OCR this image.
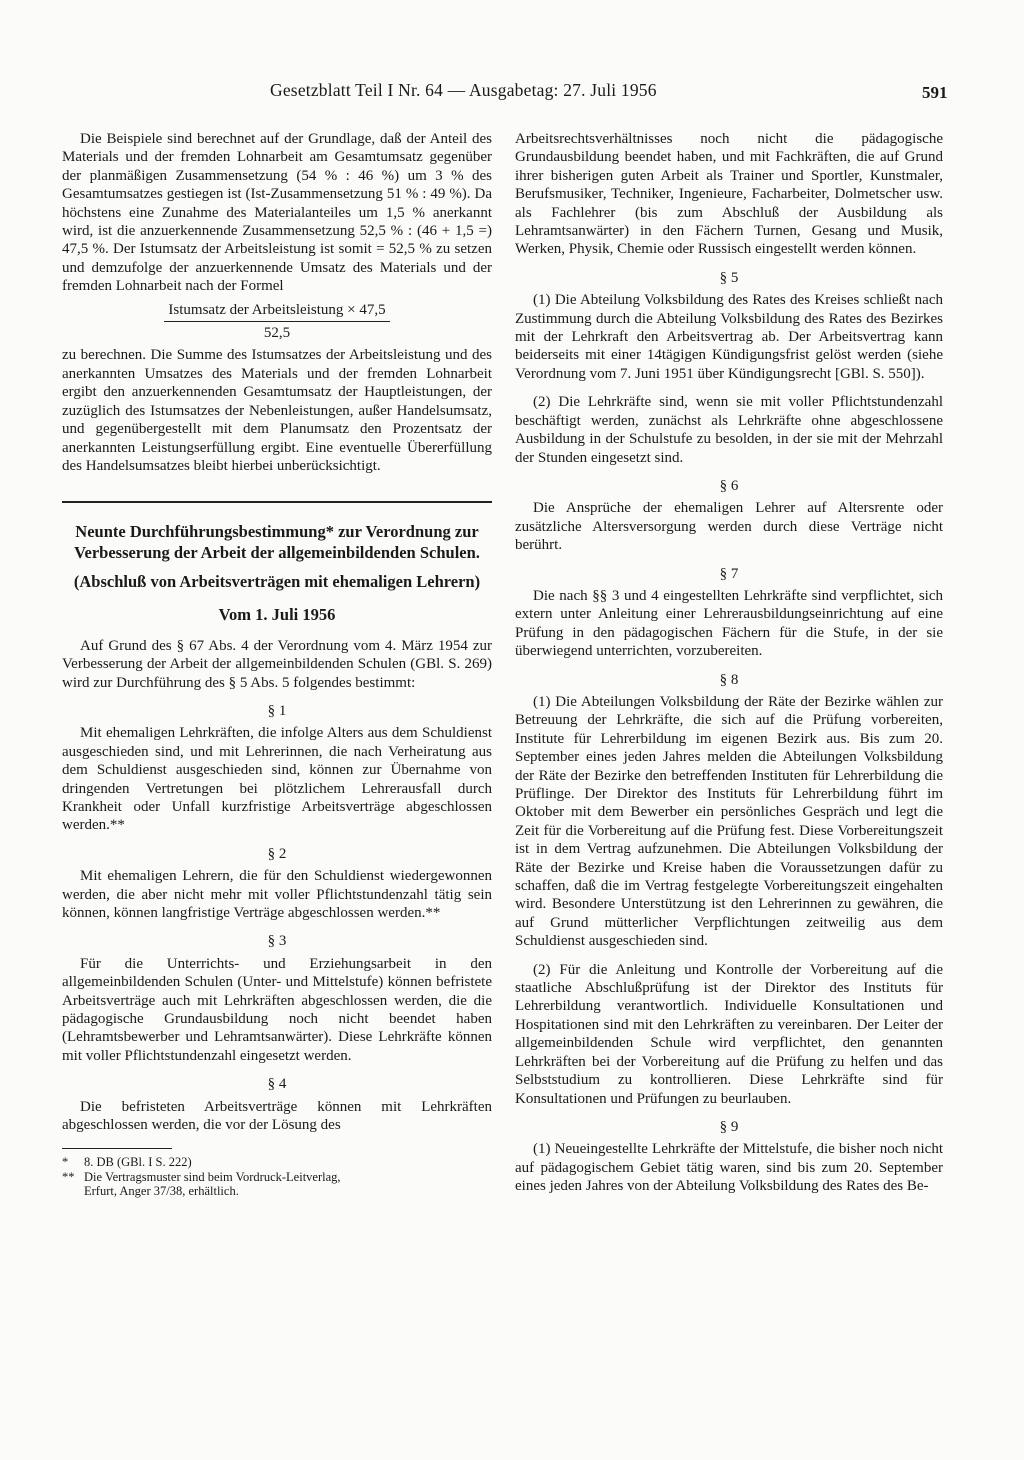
Gesetzblatt Teil I Nr. 64 — Ausgabetag: 27. Juli 1956	591

Die Beispiele sind berechnet auf der Grundlage, daß der Anteil des Materials und der fremden Lohnarbeit am Gesamtumsatz gegenüber der planmäßigen Zusammensetzung (54 % : 46 %) um 3 % des Gesamtumsatzes gestiegen ist (Ist-Zusammensetzung 51 % : 49 %). Da höchstens eine Zunahme des Materialanteiles um 1,5 % anerkannt wird, ist die anzuerkennende Zusammensetzung 52,5 % : (46 + 1,5 =) 47,5 %. Der Istumsatz der Arbeitsleistung ist somit = 52,5 % zu setzen und demzufolge der anzuerkennende Umsatz des Materials und der fremden Lohnarbeit nach der Formel

Istumsatz der Arbeitsleistung × 47,5
52,5

zu berechnen. Die Summe des Istumsatzes der Arbeitsleistung und des anerkannten Umsatzes des Materials und der fremden Lohnarbeit ergibt den anzuerkennenden Gesamtumsatz der Hauptleistungen, der zuzüglich des Istumsatzes der Nebenleistungen, außer Handelsumsatz, und gegenübergestellt mit dem Planumsatz den Prozentsatz der anerkannten Leistungserfüllung ergibt. Eine eventuelle Übererfüllung des Handelsumsatzes bleibt hierbei unberücksichtigt.

Neunte Durchführungsbestimmung* zur Verordnung zur Verbesserung der Arbeit der allgemeinbildenden Schulen.

(Abschluß von Arbeitsverträgen mit ehemaligen Lehrern)

Vom 1. Juli 1956

Auf Grund des § 67 Abs. 4 der Verordnung vom 4. März 1954 zur Verbesserung der Arbeit der allgemeinbildenden Schulen (GBl. S. 269) wird zur Durchführung des § 5 Abs. 5 folgendes bestimmt:

§ 1

Mit ehemaligen Lehrkräften, die infolge Alters aus dem Schuldienst ausgeschieden sind, und mit Lehrerinnen, die nach Verheiratung aus dem Schuldienst ausgeschieden sind, können zur Übernahme von dringenden Vertretungen bei plötzlichem Lehrerausfall durch Krankheit oder Unfall kurzfristige Arbeitsverträge abgeschlossen werden.**

§ 2

Mit ehemaligen Lehrern, die für den Schuldienst wiedergewonnen werden, die aber nicht mehr mit voller Pflichtstundenzahl tätig sein können, können langfristige Verträge abgeschlossen werden.**

§ 3

Für die Unterrichts- und Erziehungsarbeit in den allgemeinbildenden Schulen (Unter- und Mittelstufe) können befristete Arbeitsverträge auch mit Lehrkräften abgeschlossen werden, die die pädagogische Grundausbildung noch nicht beendet haben (Lehramtsbewerber und Lehramtsanwärter). Diese Lehrkräfte können mit voller Pflichtstundenzahl eingesetzt werden.

§ 4

Die befristeten Arbeitsverträge können mit Lehrkräften abgeschlossen werden, die vor der Lösung des

* 8. DB (GBl. I S. 222)
** Die Vertragsmuster sind beim Vordruck-Leitverlag,
Erfurt, Anger 37/38, erhältlich.

Arbeitsrechtsverhältnisses noch nicht die pädagogische Grundausbildung beendet haben, und mit Fachkräften, die auf Grund ihrer bisherigen guten Arbeit als Trainer und Sportler, Kunstmaler, Berufsmusiker, Techniker, Ingenieure, Facharbeiter, Dolmetscher usw. als Fachlehrer (bis zum Abschluß der Ausbildung als Lehramtsanwärter) in den Fächern Turnen, Gesang und Musik, Werken, Physik, Chemie oder Russisch eingestellt werden können.

§ 5

(1) Die Abteilung Volksbildung des Rates des Kreises schließt nach Zustimmung durch die Abteilung Volksbildung des Rates des Bezirkes mit der Lehrkraft den Arbeitsvertrag ab. Der Arbeitsvertrag kann beiderseits mit einer 14tägigen Kündigungsfrist gelöst werden (siehe Verordnung vom 7. Juni 1951 über Kündigungsrecht [GBl. S. 550]).

(2) Die Lehrkräfte sind, wenn sie mit voller Pflichtstundenzahl beschäftigt werden, zunächst als Lehrkräfte ohne abgeschlossene Ausbildung in der Schulstufe zu besolden, in der sie mit der Mehrzahl der Stunden eingesetzt sind.

§ 6

Die Ansprüche der ehemaligen Lehrer auf Altersrente oder zusätzliche Altersversorgung werden durch diese Verträge nicht berührt.

§ 7

Die nach §§ 3 und 4 eingestellten Lehrkräfte sind verpflichtet, sich extern unter Anleitung einer Lehrerausbildungseinrichtung auf eine Prüfung in den pädagogischen Fächern für die Stufe, in der sie überwiegend unterrichten, vorzubereiten.

§ 8

(1) Die Abteilungen Volksbildung der Räte der Bezirke wählen zur Betreuung der Lehrkräfte, die sich auf die Prüfung vorbereiten, Institute für Lehrerbildung im eigenen Bezirk aus. Bis zum 20. September eines jeden Jahres melden die Abteilungen Volksbildung der Räte der Bezirke den betreffenden Instituten für Lehrerbildung die Prüflinge. Der Direktor des Instituts für Lehrerbildung führt im Oktober mit dem Bewerber ein persönliches Gespräch und legt die Zeit für die Vorbereitung auf die Prüfung fest. Diese Vorbereitungszeit ist in dem Vertrag aufzunehmen. Die Abteilungen Volksbildung der Räte der Bezirke und Kreise haben die Voraussetzungen dafür zu schaffen, daß die im Vertrag festgelegte Vorbereitungszeit eingehalten wird. Besondere Unterstützung ist den Lehrerinnen zu gewähren, die auf Grund mütterlicher Verpflichtungen zeitweilig aus dem Schuldienst ausgeschieden sind.

(2) Für die Anleitung und Kontrolle der Vorbereitung auf die staatliche Abschlußprüfung ist der Direktor des Instituts für Lehrerbildung verantwortlich. Individuelle Konsultationen und Hospitationen sind mit den Lehrkräften zu vereinbaren. Der Leiter der allgemeinbildenden Schule wird verpflichtet, den genannten Lehrkräften bei der Vorbereitung auf die Prüfung zu helfen und das Selbststudium zu kontrollieren. Diese Lehrkräfte sind für Konsultationen und Prüfungen zu beurlauben.

§ 9

(1) Neueingestellte Lehrkräfte der Mittelstufe, die bisher noch nicht auf pädagogischem Gebiet tätig waren, sind bis zum 20. September eines jeden Jahres von der Abteilung Volksbildung des Rates des Be-
